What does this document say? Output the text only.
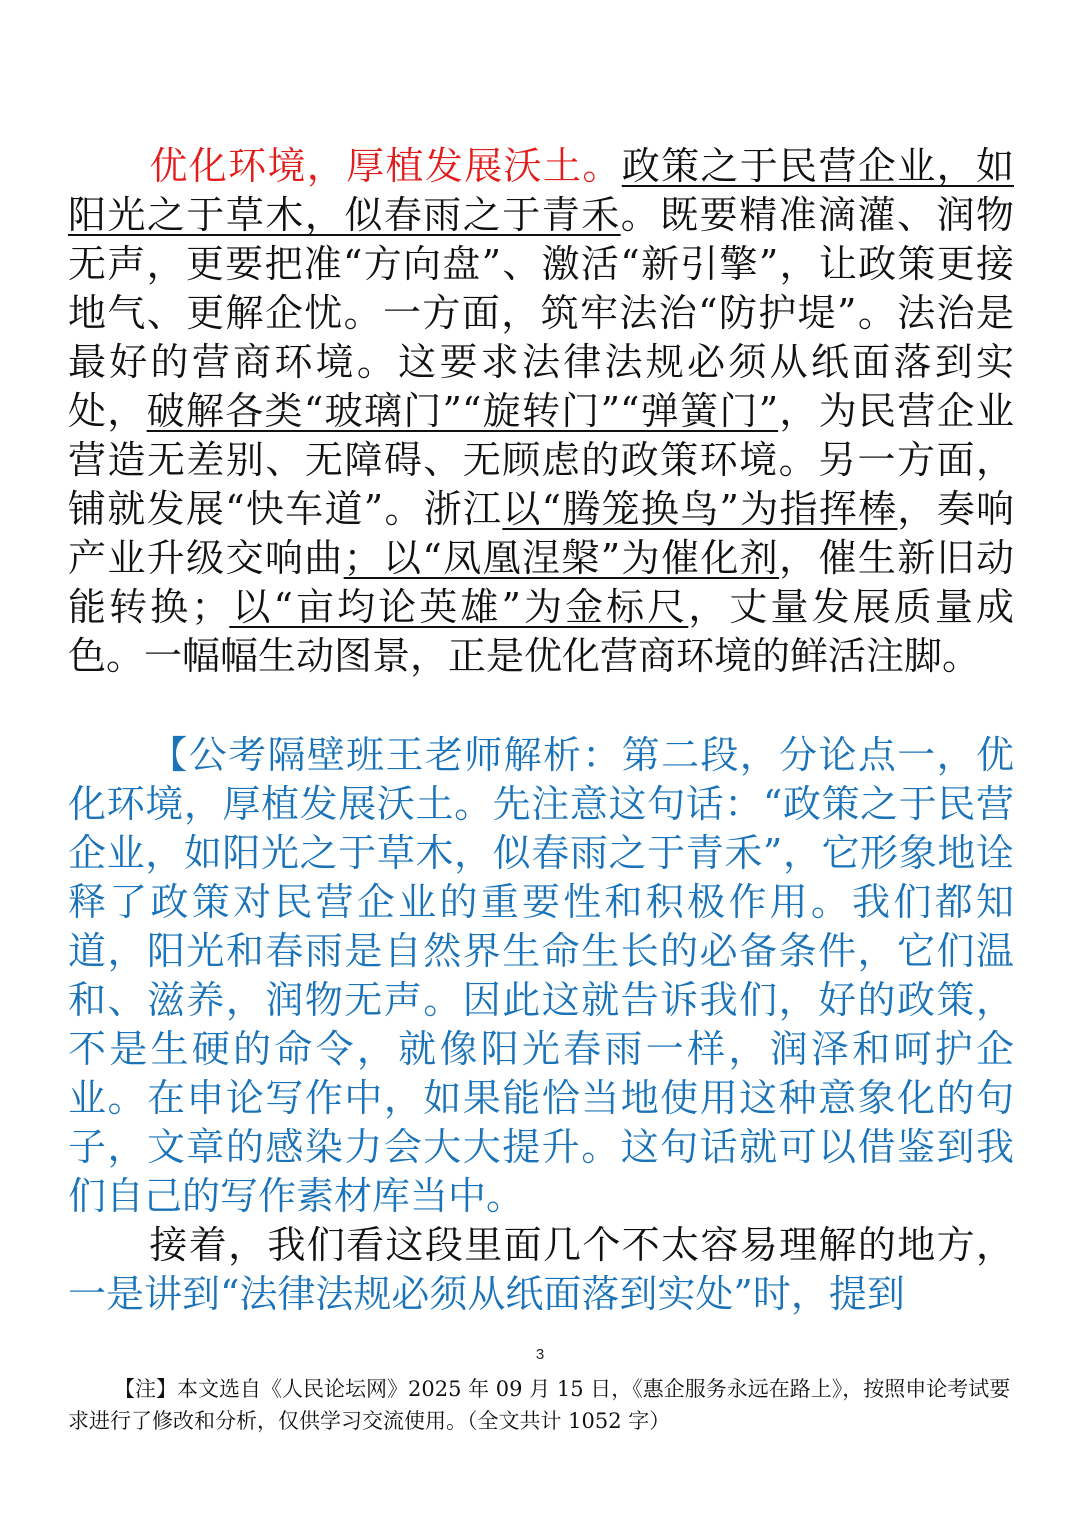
优化环境，厚植发展沃土。政策之于民营企业，如阳光之于草木，似春雨之于青禾。既要精准滴灌、润物无声，更要把准“方向盘”、激活“新引擎”，让政策更接地气、更解企忧。一方面，筑牢法治“防护堤”。法治是最好的营商环境。这要求法律法规必须从纸面落到实处，破解各类“玻璃门”“旋转门”“弹簧门”，为民营企业营造无差别、无障碍、无顾虑的政策环境。另一方面，铺就发展“快车道”。浙江以“腾笼换鸟”为指挥棒，奏响产业升级交响曲；以“凤凰涅槃”为催化剂，催生新旧动能转换；以“亩均论英雄”为金标尺，丈量发展质量成色。一幅幅生动图景，正是优化营商环境的鲜活注脚。

【公考隔壁班王老师解析：第二段，分论点一，优化环境，厚植发展沃土。先注意这句话：“政策之于民营企业，如阳光之于草木，似春雨之于青禾”，它形象地诠释了政策对民营企业的重要性和积极作用。我们都知道，阳光和春雨是自然界生命生长的必备条件，它们温和、滋养，润物无声。因此这就告诉我们，好的政策，不是生硬的命令，就像阳光春雨一样，润泽和呵护企业。在申论写作中，如果能恰当地使用这种意象化的句子，文章的感染力会大大提升。这句话就可以借鉴到我们自己的写作素材库当中。

接着，我们看这段里面几个不太容易理解的地方，一是讲到“法律法规必须从纸面落到实处”时，提到

3

【注】本文选自《人民论坛网》2025 年 09 月 15 日，《惠企服务永远在路上》，按照申论考试要求进行了修改和分析，仅供学习交流使用。（全文共计 1052 字）
